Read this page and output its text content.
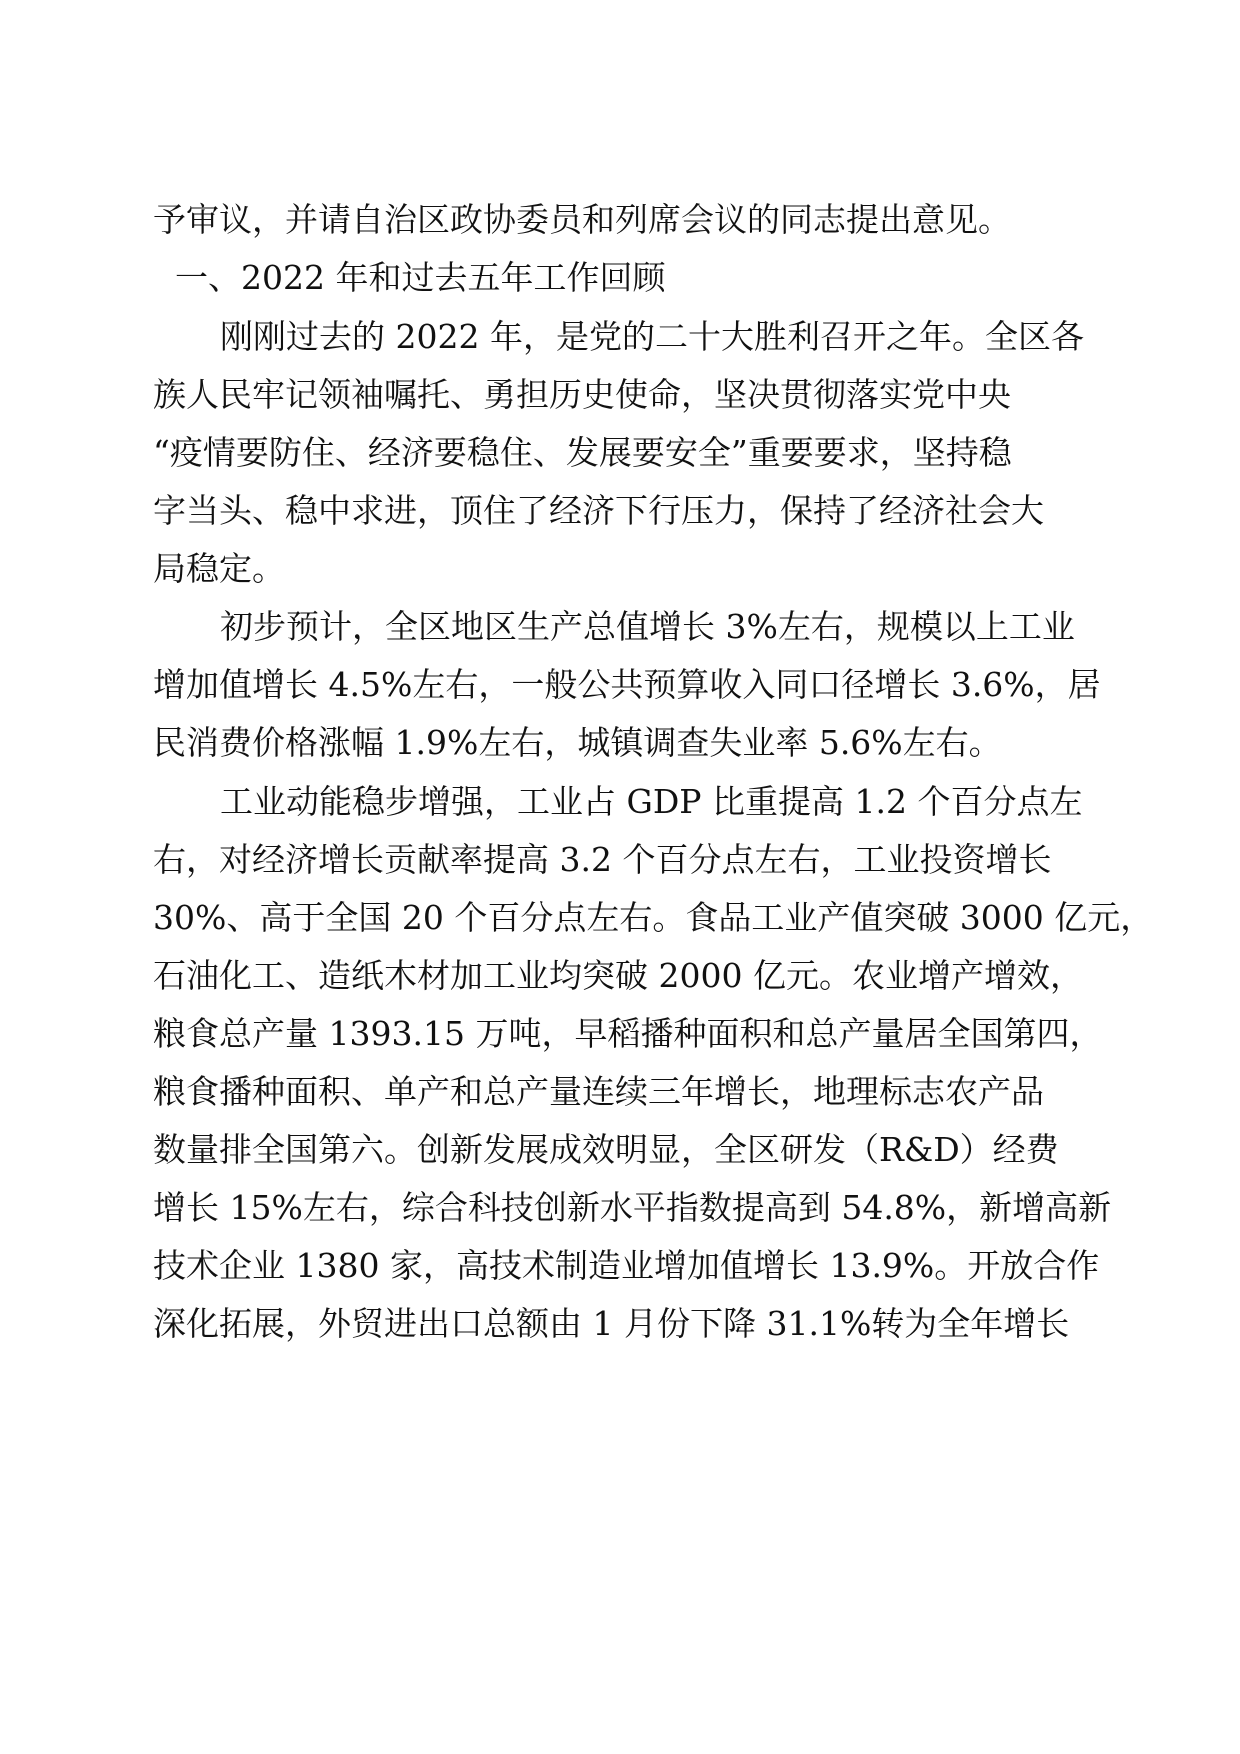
予审议，并请自治区政协委员和列席会议的同志提出意见。
一、2022 年和过去五年工作回顾
刚刚过去的 2022 年，是党的二十大胜利召开之年。全区各
族人民牢记领袖嘱托、勇担历史使命，坚决贯彻落实党中央
“疫情要防住、经济要稳住、发展要安全”重要要求，坚持稳
字当头、稳中求进，顶住了经济下行压力，保持了经济社会大
局稳定。
初步预计，全区地区生产总值增长 3%左右，规模以上工业
增加值增长 4.5%左右，一般公共预算收入同口径增长 3.6%，居
民消费价格涨幅 1.9%左右，城镇调查失业率 5.6%左右。
工业动能稳步增强，工业占 GDP 比重提高 1.2 个百分点左
右，对经济增长贡献率提高 3.2 个百分点左右，工业投资增长
30%、高于全国 20 个百分点左右。食品工业产值突破 3000 亿元，
石油化工、造纸木材加工业均突破 2000 亿元。农业增产增效，
粮食总产量 1393.15 万吨，早稻播种面积和总产量居全国第四，
粮食播种面积、单产和总产量连续三年增长，地理标志农产品
数量排全国第六。创新发展成效明显，全区研发（R&D）经费
增长 15%左右，综合科技创新水平指数提高到 54.8%，新增高新
技术企业 1380 家，高技术制造业增加值增长 13.9%。开放合作
深化拓展，外贸进出口总额由 1 月份下降 31.1%转为全年增长
